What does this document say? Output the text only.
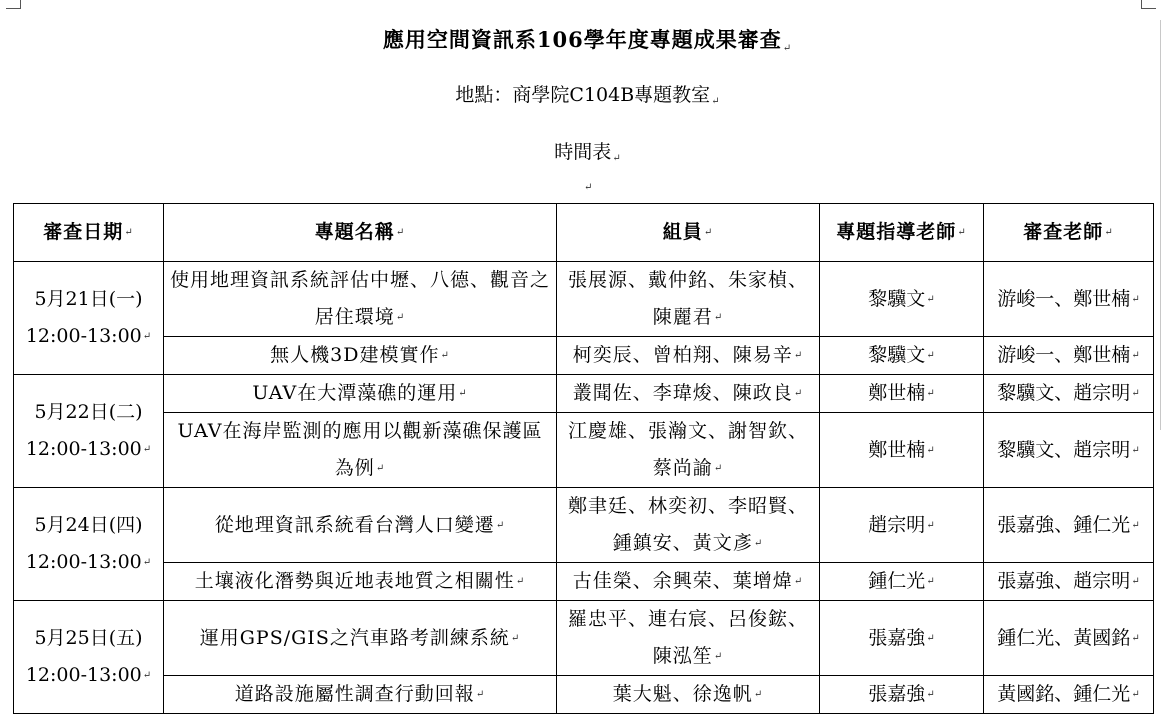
應用空間資訊系106學年度專題成果審查↵
地點：商學院C104B專題教室↵
時間表↵
↵
審查日期↵	專題名稱↵	組員↵	專題指導老師↵	審查老師↵

5月21日(一)
12:00-13:00↵	使用地理資訊系統評估中壢、八德、觀音之居住環境↵	張展源、戴仲銘、朱家楨、陳麗君↵	黎驥文↵	游峻一、鄭世楠↵
	無人機3D建模實作↵	柯奕辰、曾柏翔、陳易辛↵	黎驥文↵	游峻一、鄭世楠↵

5月22日(二)
12:00-13:00↵	UAV在大潭藻礁的運用↵	叢聞佐、李瑋焌、陳政良↵	鄭世楠↵	黎驥文、趙宗明↵
	UAV在海岸監測的應用以觀新藻礁保護區為例↵	江慶雄、張瀚文、謝智欽、蔡尚諭↵	鄭世楠↵	黎驥文、趙宗明↵

5月24日(四)
12:00-13:00↵	從地理資訊系統看台灣人口變遷↵	鄭聿廷、林奕初、李昭賢、鍾鎮安、黃文彥↵	趙宗明↵	張嘉強、鍾仁光↵
	土壤液化潛勢與近地表地質之相關性↵	古佳榮、余興荣、葉增煒↵	鍾仁光↵	張嘉強、趙宗明↵

5月25日(五)
12:00-13:00↵	運用GPS/GIS之汽車路考訓練系統↵	羅忠平、連右宸、呂俊鋐、陳泓笙↵	張嘉強↵	鍾仁光、黃國銘↵
	道路設施屬性調查行動回報↵	葉大魁、徐逸帆↵	張嘉強↵	黃國銘、鍾仁光↵
